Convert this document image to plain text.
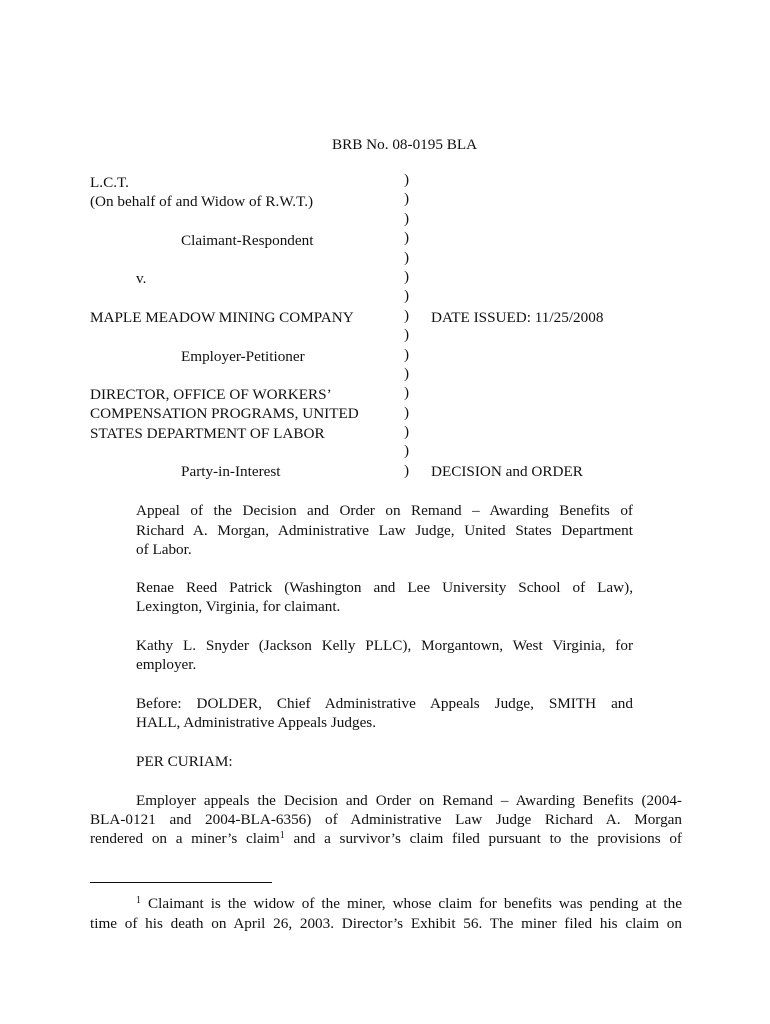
BRB No. 08-0195 BLA
L.C.T.
(On behalf of and Widow of R.W.T.)
Claimant-Respondent
v.
MAPLE MEADOW MINING COMPANY
Employer-Petitioner
DIRECTOR, OFFICE OF WORKERS’
COMPENSATION PROGRAMS, UNITED
STATES DEPARTMENT OF LABOR
Party-in-Interest
)
)
)
)
)
)
)
)
)
)
)
)
)
)
)
)
DATE ISSUED: 11/25/2008
DECISION and ORDER
Appeal of the Decision and Order on Remand – Awarding Benefits of
Richard A. Morgan, Administrative Law Judge, United States Department
of Labor.
Renae Reed Patrick (Washington and Lee University School of Law),
Lexington, Virginia, for claimant.
Kathy L. Snyder (Jackson Kelly PLLC), Morgantown, West Virginia, for
employer.
Before: DOLDER, Chief Administrative Appeals Judge, SMITH and
HALL, Administrative Appeals Judges.
PER CURIAM:
Employer appeals the Decision and Order on Remand – Awarding Benefits (2004-
BLA-0121 and 2004-BLA-6356) of Administrative Law Judge Richard A. Morgan
rendered on a miner’s claim$^1$ and a survivor’s claim filed pursuant to the provisions of
$^1$ Claimant is the widow of the miner, whose claim for benefits was pending at the
time of his death on April 26, 2003. Director’s Exhibit 56. The miner filed his claim on
